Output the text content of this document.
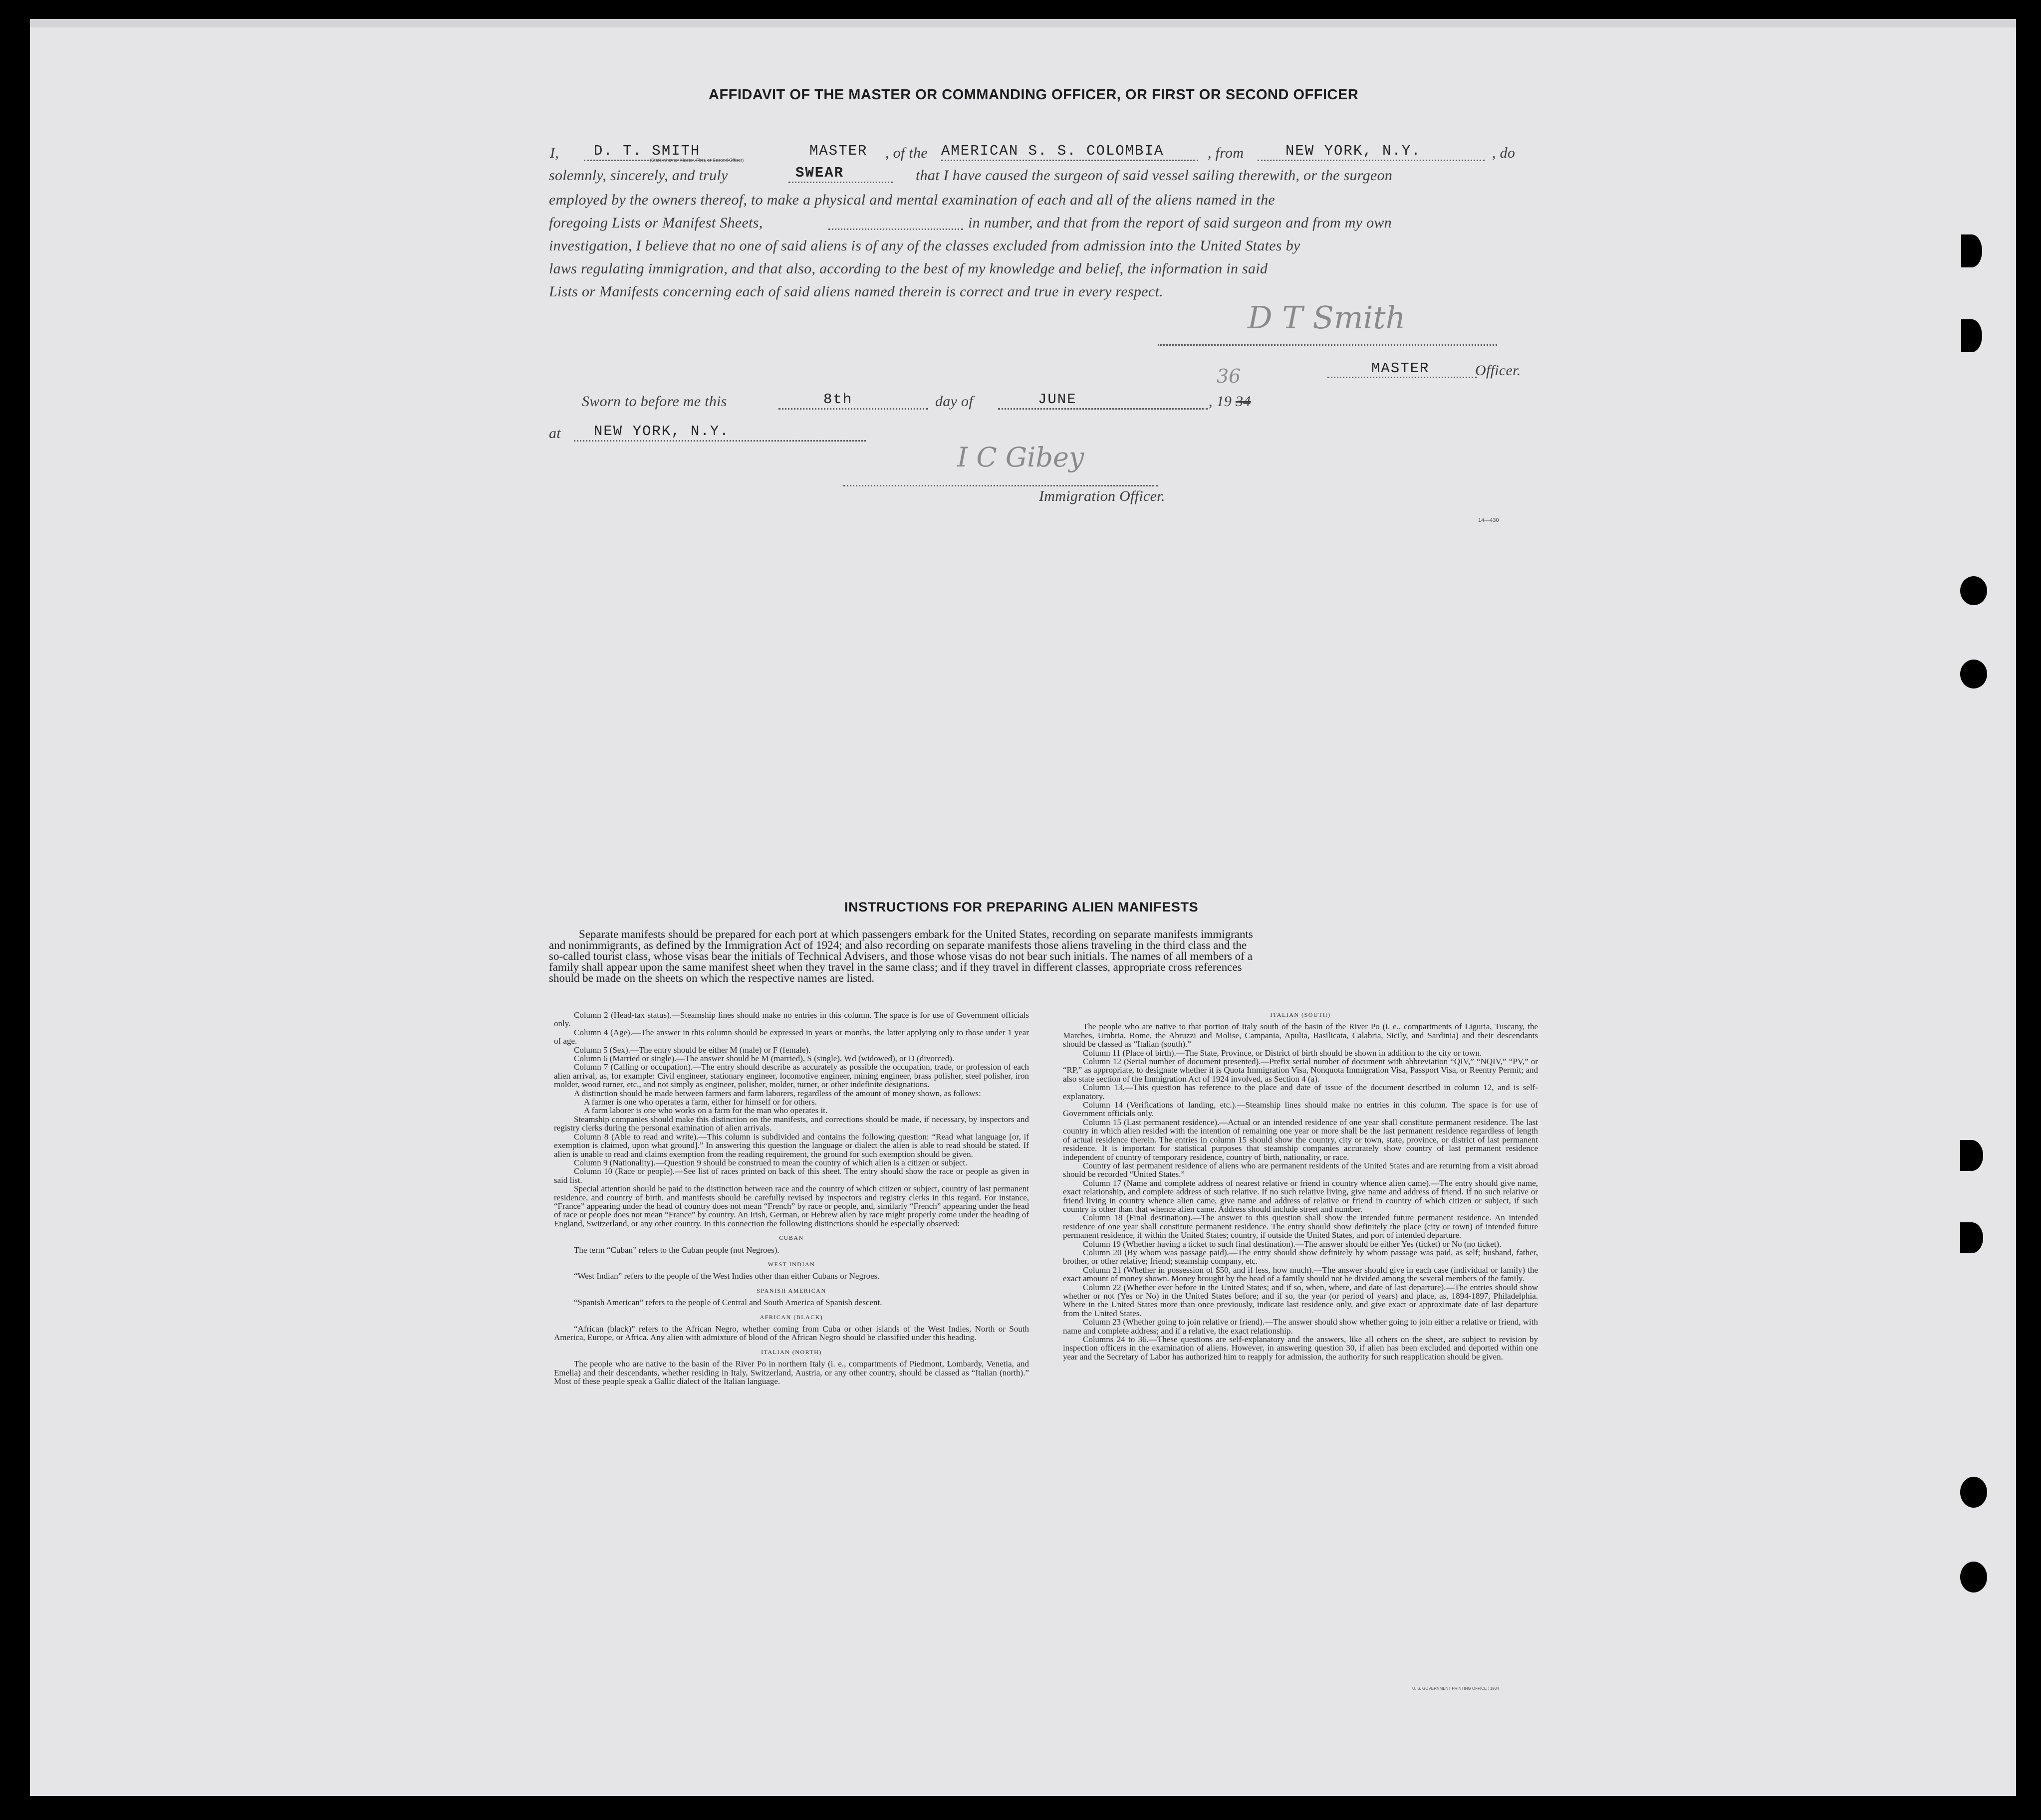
AFFIDAVIT OF THE MASTER OR COMMANDING OFFICER, OR FIRST OR SECOND OFFICER
I, D. T. SMITH	MASTER
(State whether Master, First, or Second Officer)	, of the AMERICAN S. S. COLOMBIA	, from	NEW YORK, N.Y.	, do
solemnly, sincerely, and truly	SWEAR	that I have caused the surgeon of said vessel sailing therewith, or the surgeon
employed by the owners thereof, to make a physical and mental examination of each and all of the aliens named in the
foregoing Lists or Manifest Sheets,	in number, and that from the report of said surgeon and from my own
investigation, I believe that no one of said aliens is of any of the classes excluded from admission into the United States by
laws regulating immigration, and that also, according to the best of my knowledge and belief, the information in said
Lists or Manifests concerning each of said aliens named therein is correct and true in every respect.
D T Smith
MASTER	Officer.
Sworn to before me this	8th	day of	JUNE	, 19 34
36
at NEW YORK, N.Y.
I C Gibey
Immigration Officer.
14—430
INSTRUCTIONS FOR PREPARING ALIEN MANIFESTS
Separate manifests should be prepared for each port at which passengers embark for the United States, recording on separate manifests immigrants
and nonimmigrants, as defined by the Immigration Act of 1924; and also recording on separate manifests those aliens traveling in the third class and the
so-called tourist class, whose visas bear the initials of Technical Advisers, and those whose visas do not bear such initials. The names of all members of a
family shall appear upon the same manifest sheet when they travel in the same class; and if they travel in different classes, appropriate cross references
should be made on the sheets on which the respective names are listed.

Column 2 (Head-tax status).—Steamship lines should make no entries in this column. The space is for use of Government officials only.

Column 4 (Age).—The answer in this column should be expressed in years or months, the latter applying only to those under 1 year of age.

Column 5 (Sex).—The entry should be either M (male) or F (female).

Column 6 (Married or single).—The answer should be M (married), S (single), Wd (widowed), or D (divorced).

Column 7 (Calling or occupation).—The entry should describe as accurately as possible the occupation, trade, or profession of each alien arrival, as, for example: Civil engineer, stationary engineer, locomotive engineer, mining engineer, brass polisher, steel polisher, iron molder, wood turner, etc., and not simply as engineer, polisher, molder, turner, or other indefinite designations.

A distinction should be made between farmers and farm laborers, regardless of the amount of money shown, as follows:

A farmer is one who operates a farm, either for himself or for others.

A farm laborer is one who works on a farm for the man who operates it.

Steamship companies should make this distinction on the manifests, and corrections should be made, if necessary, by inspectors and registry clerks during the personal examination of alien arrivals.

Column 8 (Able to read and write).—This column is subdivided and contains the following question: “Read what language [or, if exemption is claimed, upon what ground].” In answering this question the language or dialect the alien is able to read should be stated. If alien is unable to read and claims exemption from the reading requirement, the ground for such exemption should be given.

Column 9 (Nationality).—Question 9 should be construed to mean the country of which alien is a citizen or subject.

Column 10 (Race or people).—See list of races printed on back of this sheet. The entry should show the race or people as given in said list.

Special attention should be paid to the distinction between race and the country of which citizen or subject, country of last permanent residence, and country of birth, and manifests should be carefully revised by inspectors and registry clerks in this regard. For instance, “France” appearing under the head of country does not mean “French” by race or people, and, similarly “French” appearing under the head of race or people does not mean “France” by country. An Irish, German, or Hebrew alien by race might properly come under the heading of England, Switzerland, or any other country. In this connection the following distinctions should be especially observed:

CUBAN

The term “Cuban” refers to the Cuban people (not Negroes).

WEST INDIAN

“West Indian” refers to the people of the West Indies other than either Cubans or Negroes.

SPANISH AMERICAN

“Spanish American” refers to the people of Central and South America of Spanish descent.

AFRICAN (BLACK)

“African (black)” refers to the African Negro, whether coming from Cuba or other islands of the West Indies, North or South America, Europe, or Africa. Any alien with admixture of blood of the African Negro should be classified under this heading.

ITALIAN (NORTH)

The people who are native to the basin of the River Po in northern Italy (i. e., compartments of Piedmont, Lombardy, Venetia, and Emelia) and their descendants, whether residing in Italy, Switzerland, Austria, or any other country, should be classed as “Italian (north).” Most of these people speak a Gallic dialect of the Italian language.

ITALIAN (SOUTH)

The people who are native to that portion of Italy south of the basin of the River Po (i. e., compartments of Liguria, Tuscany, the Marches, Umbria, Rome, the Abruzzi and Molise, Campania, Apulia, Basilicata, Calabria, Sicily, and Sardinia) and their descendants should be classed as “Italian (south).”

Column 11 (Place of birth).—The State, Province, or District of birth should be shown in addition to the city or town.

Column 12 (Serial number of document presented).—Prefix serial number of document with abbreviation “QIV,” “NQIV,” “PV,” or “RP,” as appropriate, to designate whether it is Quota Immigration Visa, Nonquota Immigration Visa, Passport Visa, or Reentry Permit; and also state section of the Immigration Act of 1924 involved, as Section 4 (a).

Column 13.—This question has reference to the place and date of issue of the document described in column 12, and is self-explanatory.

Column 14 (Verifications of landing, etc.).—Steamship lines should make no entries in this column. The space is for use of Government officials only.

Column 15 (Last permanent residence).—Actual or an intended residence of one year shall constitute permanent residence. The last country in which alien resided with the intention of remaining one year or more shall be the last permanent residence regardless of length of actual residence therein. The entries in column 15 should show the country, city or town, state, province, or district of last permanent residence. It is important for statistical purposes that steamship companies accurately show country of last permanent residence independent of country of temporary residence, country of birth, nationality, or race.

Country of last permanent residence of aliens who are permanent residents of the United States and are returning from a visit abroad should be recorded “United States.”

Column 17 (Name and complete address of nearest relative or friend in country whence alien came).—The entry should give name, exact relationship, and complete address of such relative. If no such relative living, give name and address of friend. If no such relative or friend living in country whence alien came, give name and address of relative or friend in country of which citizen or subject, if such country is other than that whence alien came. Address should include street and number.

Column 18 (Final destination).—The answer to this question shall show the intended future permanent residence. An intended residence of one year shall constitute permanent residence. The entry should show definitely the place (city or town) of intended future permanent residence, if within the United States; country, if outside the United States, and port of intended departure.

Column 19 (Whether having a ticket to such final destination).—The answer should be either Yes (ticket) or No (no ticket).

Column 20 (By whom was passage paid).—The entry should show definitely by whom passage was paid, as self; husband, father, brother, or other relative; friend; steamship company, etc.

Column 21 (Whether in possession of $50, and if less, how much).—The answer should give in each case (individual or family) the exact amount of money shown. Money brought by the head of a family should not be divided among the several members of the family.

Column 22 (Whether ever before in the United States; and if so, when, where, and date of last departure).—The entries should show whether or not (Yes or No) in the United States before; and if so, the year (or period of years) and place, as, 1894-1897, Philadelphia. Where in the United States more than once previously, indicate last residence only, and give exact or approximate date of last departure from the United States.

Column 23 (Whether going to join relative or friend).—The answer should show whether going to join either a relative or friend, with name and complete address; and if a relative, the exact relationship.

Columns 24 to 36.—These questions are self-explanatory and the answers, like all others on the sheet, are subject to revision by inspection officers in the examination of aliens. However, in answering question 30, if alien has been excluded and deported within one year and the Secretary of Labor has authorized him to reapply for admission, the authority for such reapplication should be given.

U. S. GOVERNMENT PRINTING OFFICE : 1934
